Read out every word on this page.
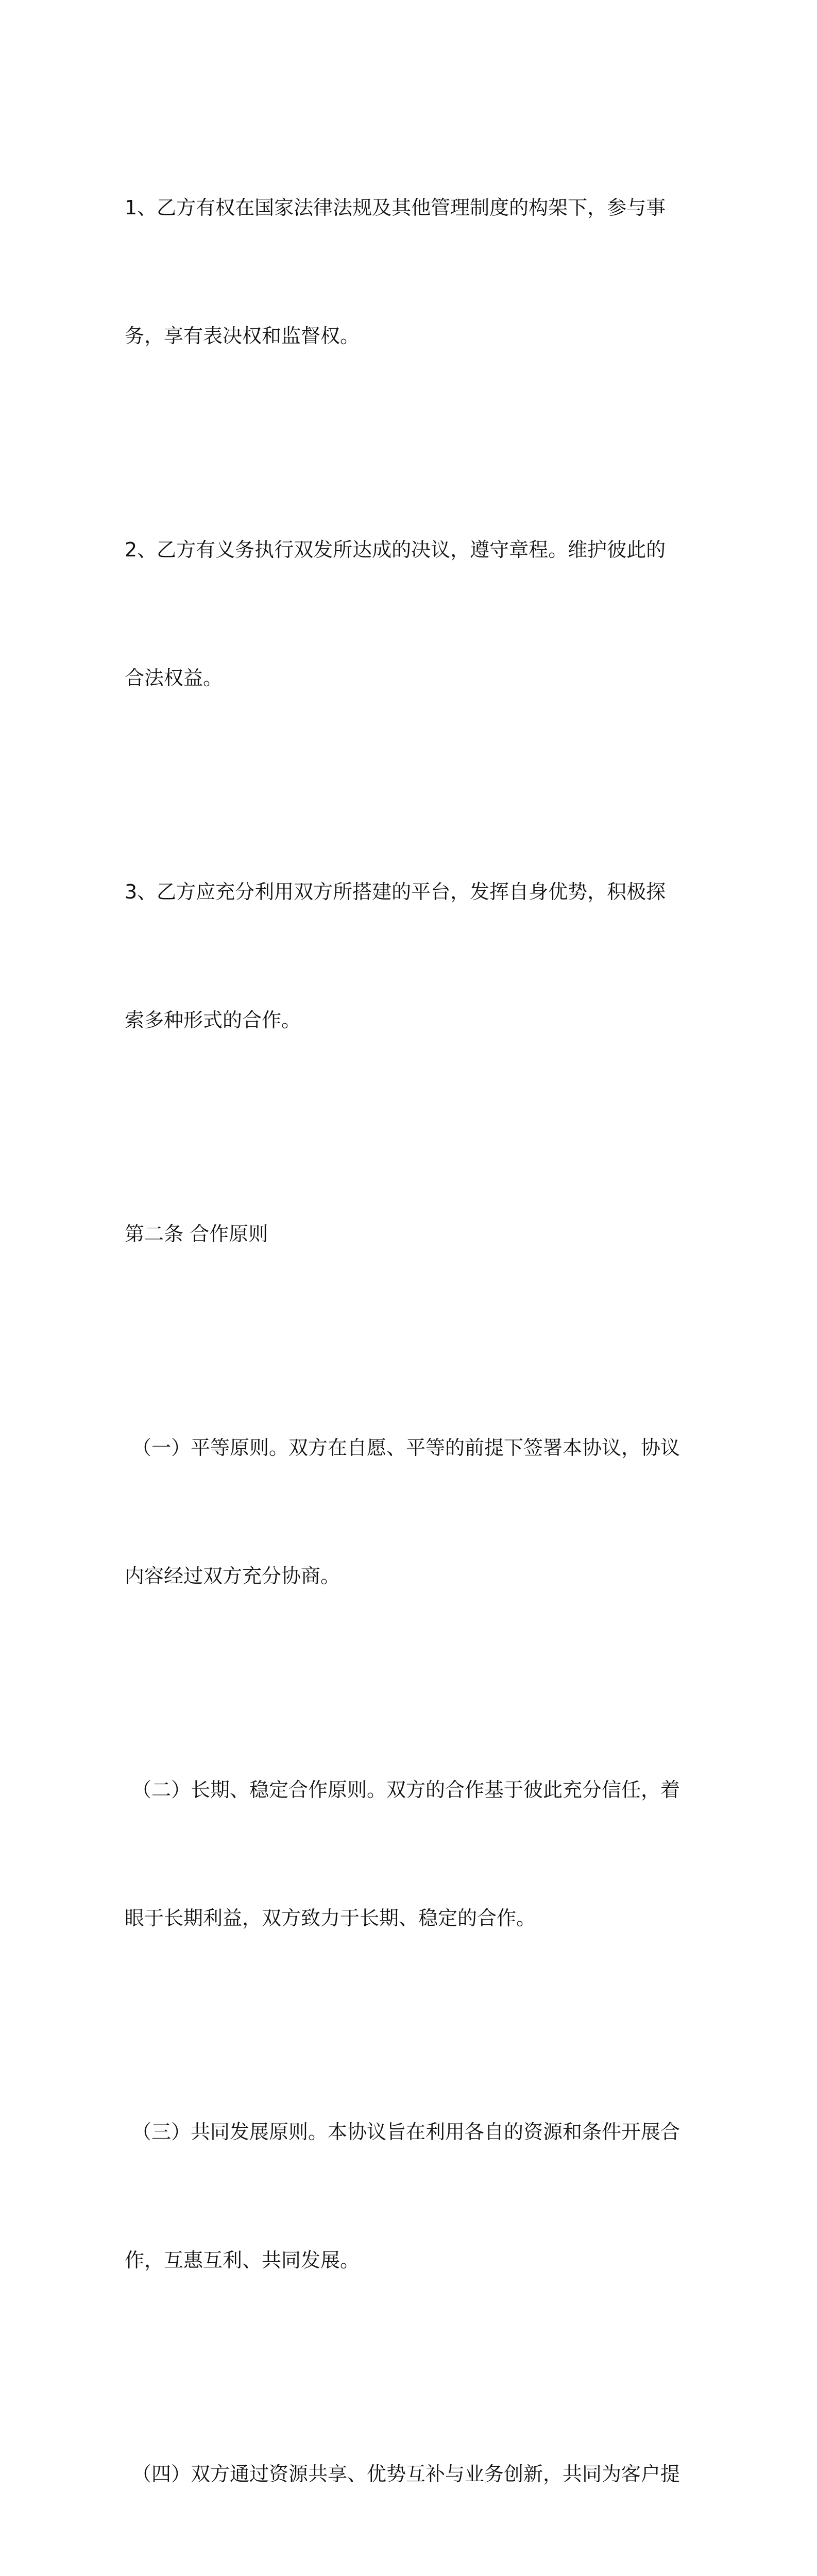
1、乙方有权在国家法律法规及其他管理制度的构架下，参与事

务，享有表决权和监督权。

2、乙方有义务执行双发所达成的决议，遵守章程。维护彼此的

合法权益。

3、乙方应充分利用双方所搭建的平台，发挥自身优势，积极探

索多种形式的合作。

第二条 合作原则

（一）平等原则。双方在自愿、平等的前提下签署本协议，协议

内容经过双方充分协商。

（二）长期、稳定合作原则。双方的合作基于彼此充分信任，着

眼于长期利益，双方致力于长期、稳定的合作。

（三）共同发展原则。本协议旨在利用各自的资源和条件开展合

作，互惠互利、共同发展。

（四）双方通过资源共享、优势互补与业务创新，共同为客户提
